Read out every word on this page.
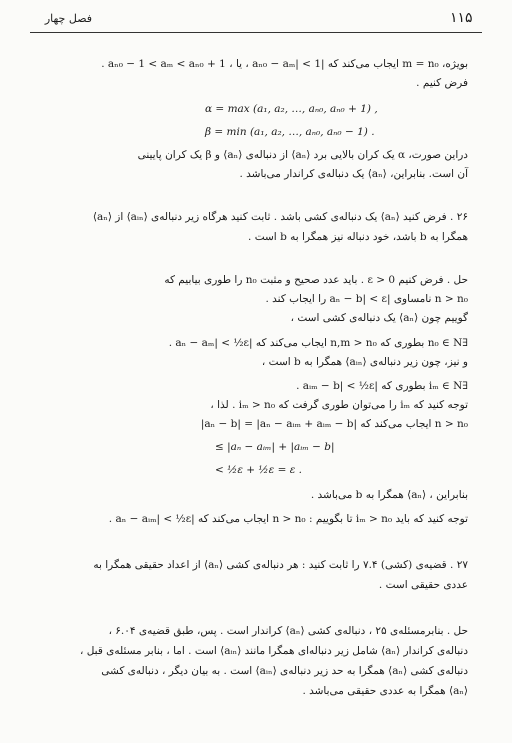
فصل چهار	۱۱۵
بویژه، m = n₀ ایجاب می‌کند که |aₙ₀ − aₘ| < 1 ، یا ، aₙ₀ − 1 < aₘ < aₙ₀ + 1 .
فرض کنیم .
α = max (a₁, a₂, …, aₙ₀, aₙ₀ + 1) ,
β = min (a₁, a₂, …, aₙ₀, aₙ₀ − 1) .
دراین صورت، α یک کران بالایی برد ⟨aₙ⟩ از دنباله‌ی ⟨aₙ⟩ و β یک کران پایینی
آن است. بنابراین، ⟨aₙ⟩ یک دنباله‌ی کراندار می‌باشد .
۲۶ . فرض کنید ⟨aₙ⟩ یک دنباله‌ی کشی باشد . ثابت کنید هرگاه زیر دنباله‌ی ⟨aᵢₙ⟩ از ⟨aₙ⟩
همگرا به b باشد، خود دنباله نیز همگرا به b است .
حل . فرض کنیم ε > 0 . باید عدد صحیح و مثبت n₀ را طوری بیابیم که
n > n₀ نامساوی |aₙ − b| < ε را ایجاب کند .
گوییم چون ⟨aₙ⟩ یک دنباله‌ی کشی است ،
∃n₀ ∈ N بطوری که n,m > n₀ ایجاب می‌کند که |aₙ − aₘ| < ½ε .
و نیز، چون زیر دنباله‌ی ⟨aᵢₙ⟩ همگرا به b است ،
∃iₘ ∈ N بطوری که |aᵢₘ − b| < ½ε .
توجه کنید که iₘ را می‌توان طوری گرفت که iₘ > n₀ . لذا ،
n > n₀ ایجاب می‌کند که |aₙ − b| = |aₙ − aᵢₘ + aᵢₘ − b|
≤ |aₙ − aᵢₘ| + |aᵢₘ − b|
< ½ε + ½ε = ε .
بنابراین ، ⟨aₙ⟩ همگرا به b می‌باشد .
توجه کنید که باید iₘ > n₀ تا بگوییم : n > n₀ ایجاب می‌کند که |aₙ − aᵢₘ| < ½ε .
۲۷ . قضیه‌ی (کشی) ۷.۴ را ثابت کنید : هر دنباله‌ی کشی ⟨aₙ⟩ از اعداد حقیقی همگرا به
عددی حقیقی است .
حل . بنابرمسئله‌ی ۲۵ ، دنباله‌ی کشی ⟨aₙ⟩ کراندار است . پس، طبق قضیه‌ی ۶.۰۴ ،
دنباله‌ی کراندار ⟨aₙ⟩ شامل زیر دنباله‌ای همگرا مانند ⟨aᵢₙ⟩ است . اما ، بنابر مسئله‌ی قبل ،
دنباله‌ی کشی ⟨aₙ⟩ همگرا به حد زیر دنباله‌ی ⟨aᵢₙ⟩ است . به بیان دیگر ، دنباله‌ی کشی
⟨aₙ⟩ همگرا به عددی حقیقی می‌باشد .
